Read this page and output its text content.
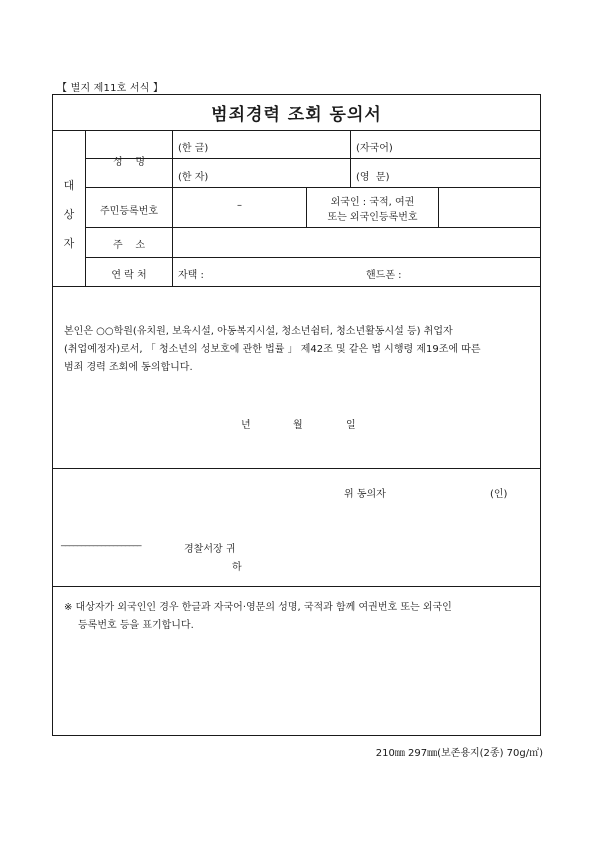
【 별지 제11호 서식 】
범죄경력 조회 동의서
대
상
자
성    명
(한 글)	(자국어)
(한 자)	(영  문)
주민등록번호
–	외국인 : 국적, 여권
또는 외국인등록번호
주    소
연 락 처	자택 :	핸드폰 :
본인은 ○○학원(유치원, 보육시설, 아동복지시설, 청소년쉼터, 청소년활동시설 등) 취업자
(취업예정자)로서, 「 청소년의 성보호에 관한 법률 」 제42조 및 같은 법 시행령 제19조에 따른
범죄 경력 조회에 동의합니다.
년	월	일
위 동의자	(인)
____________________
경찰서장 귀
하
※ 대상자가 외국인인 경우 한글과 자국어·영문의 성명, 국적과 함께 여권번호 또는 외국인
등록번호 등을 표기합니다.
210㎜ 297㎜(보존용지(2종) 70g/㎡)
